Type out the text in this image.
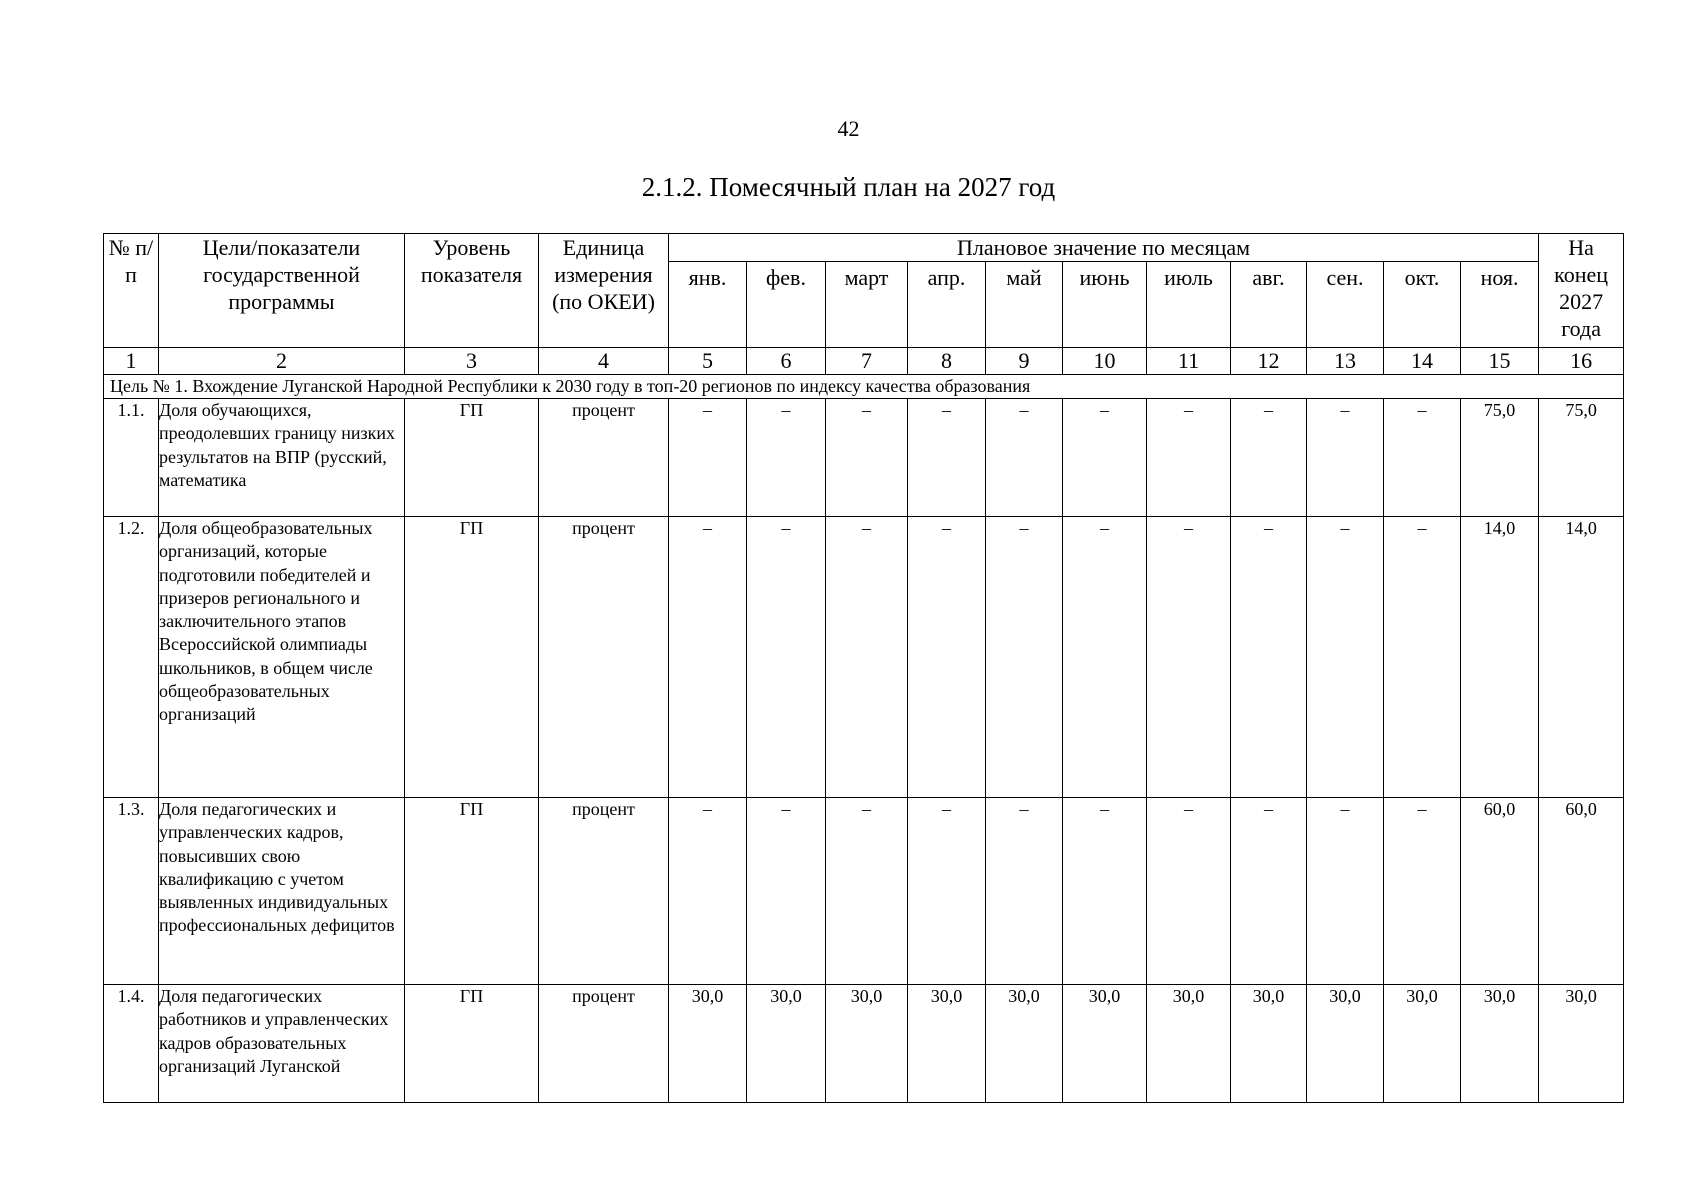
42
2.1.2. Помесячный план на 2027 год
№ п/п	Цели/показатели государственной программы	Уровень показателя	Единица измерения (по ОКЕИ)	Плановое значение по месяцам											На конец 2027 года
				янв.	фев.	март	апр.	май	июнь	июль	авг.	сен.	окт.	ноя.	
1	2	3	4	5	6	7	8	9	10	11	12	13	14	15	16
Цель № 1. Вхождение Луганской Народной Республики к 2030 году в топ-20 регионов по индексу качества образования															
1.1.	Доля обучающихся, преодолевших границу низких результатов на ВПР (русский, математика	ГП	процент	–	–	–	–	–	–	–	–	–	–	75,0	75,0
1.2.	Доля общеобразовательных организаций, которые подготовили победителей и призеров регионального и заключительного этапов Всероссийской олимпиады школьников, в общем числе общеобразовательных организаций	ГП	процент	–	–	–	–	–	–	–	–	–	–	14,0	14,0
1.3.	Доля педагогических и управленческих кадров, повысивших свою квалификацию с учетом выявленных индивидуальных профессиональных дефицитов	ГП	процент	–	–	–	–	–	–	–	–	–	–	60,0	60,0
1.4.	Доля педагогических работников и управленческих кадров образовательных организаций Луганской	ГП	процент	30,0	30,0	30,0	30,0	30,0	30,0	30,0	30,0	30,0	30,0	30,0	30,0
